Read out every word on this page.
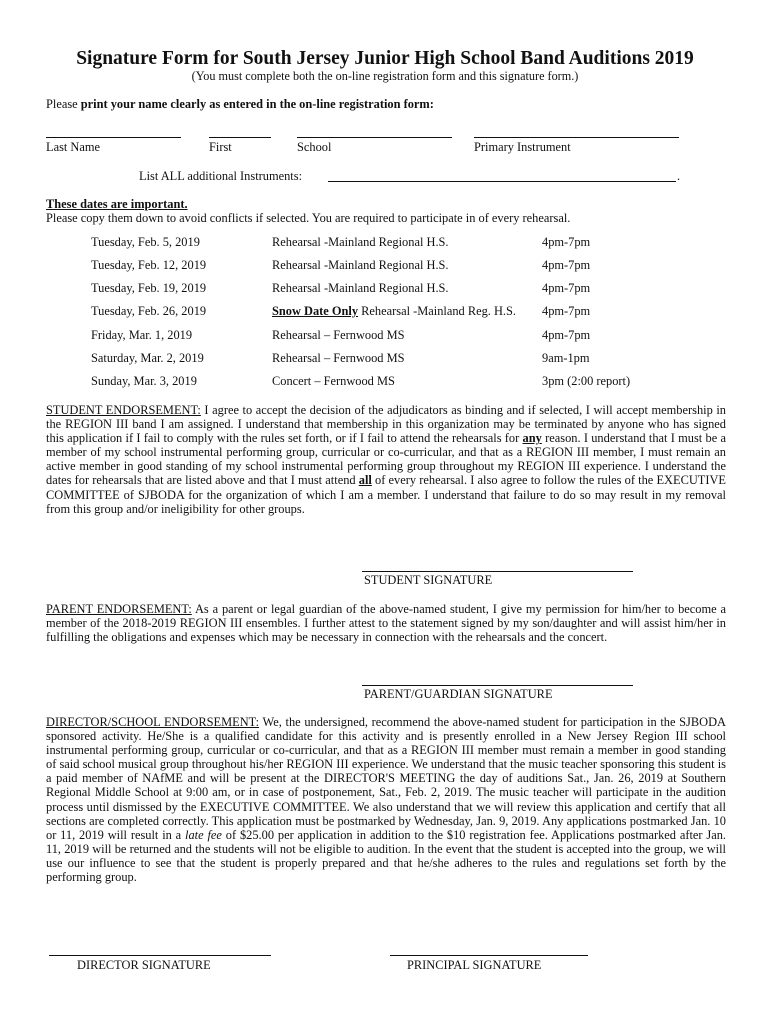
Signature Form for South Jersey Junior High School Band Auditions 2019
(You must complete both the on-line registration form and this signature form.)
Please print your name clearly as entered in the on-line registration form:
Last Name	First	School	Primary Instrument
List ALL additional Instruments:	.
These dates are important.
Please copy them down to avoid conflicts if selected. You are required to participate in of every rehearsal.
Tuesday, Feb. 5, 2019	Rehearsal -Mainland Regional H.S.	4pm-7pm
Tuesday, Feb. 12, 2019	Rehearsal -Mainland Regional H.S.	4pm-7pm
Tuesday, Feb. 19, 2019	Rehearsal -Mainland Regional H.S.	4pm-7pm
Tuesday, Feb. 26, 2019	Snow Date Only Rehearsal -Mainland Reg. H.S. 4pm-7pm
Friday, Mar. 1, 2019	Rehearsal – Fernwood MS	4pm-7pm
Saturday, Mar. 2, 2019	Rehearsal – Fernwood MS	9am-1pm
Sunday, Mar. 3, 2019	Concert – Fernwood MS	3pm (2:00 report)
STUDENT ENDORSEMENT: I agree to accept the decision of the adjudicators as binding and if selected, I will accept membership in the REGION III band I am assigned. I understand that membership in this organization may be terminated by anyone who has signed this application if I fail to comply with the rules set forth, or if I fail to attend the rehearsals for any reason. I understand that I must be a member of my school instrumental performing group, curricular or co-curricular, and that as a REGION III member, I must remain an active member in good standing of my school instrumental performing group throughout my REGION III experience. I understand the dates for rehearsals that are listed above and that I must attend all of every rehearsal. I also agree to follow the rules of the EXECUTIVE COMMITTEE of SJBODA for the organization of which I am a member. I understand that failure to do so may result in my removal from this group and/or ineligibility for other groups.
STUDENT SIGNATURE
PARENT ENDORSEMENT: As a parent or legal guardian of the above-named student, I give my permission for him/her to become a member of the 2018-2019 REGION III ensembles. I further attest to the statement signed by my son/daughter and will assist him/her in fulfilling the obligations and expenses which may be necessary in connection with the rehearsals and the concert.
PARENT/GUARDIAN SIGNATURE
DIRECTOR/SCHOOL ENDORSEMENT: We, the undersigned, recommend the above-named student for participation in the SJBODA sponsored activity. He/She is a qualified candidate for this activity and is presently enrolled in a New Jersey Region III school instrumental performing group, curricular or co-curricular, and that as a REGION III member must remain a member in good standing of said school musical group throughout his/her REGION III experience. We understand that the music teacher sponsoring this student is a paid member of NAfME and will be present at the DIRECTOR'S MEETING the day of auditions Sat., Jan. 26, 2019 at Southern Regional Middle School at 9:00 am, or in case of postponement, Sat., Feb. 2, 2019. The music teacher will participate in the audition process until dismissed by the EXECUTIVE COMMITTEE. We also understand that we will review this application and certify that all sections are completed correctly. This application must be postmarked by Wednesday, Jan. 9, 2019. Any applications postmarked Jan. 10 or 11, 2019 will result in a late fee of $25.00 per application in addition to the $10 registration fee. Applications postmarked after Jan. 11, 2019 will be returned and the students will not be eligible to audition. In the event that the student is accepted into the group, we will use our influence to see that the student is properly prepared and that he/she adheres to the rules and regulations set forth by the performing group.
DIRECTOR SIGNATURE	PRINCIPAL SIGNATURE
